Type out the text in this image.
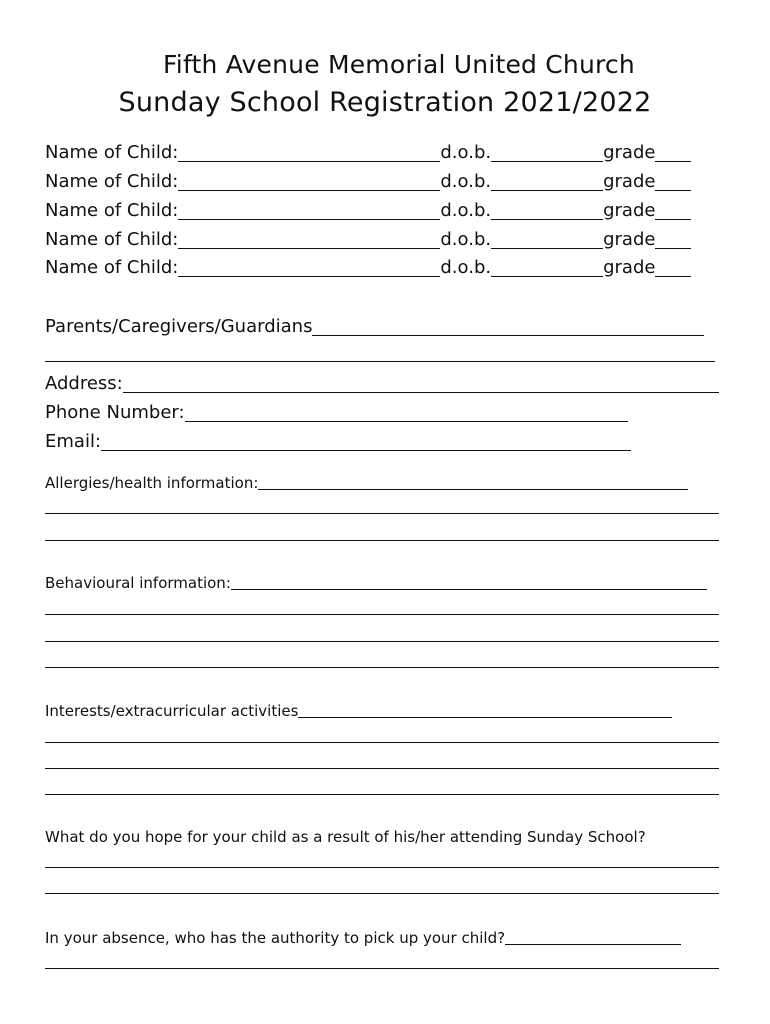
Fifth Avenue Memorial United Church
Sunday School Registration 2021/2022
Name of Child:	d.o.b.	grade
Name of Child:	d.o.b.	grade
Name of Child:	d.o.b.	grade
Name of Child:	d.o.b.	grade
Name of Child:	d.o.b.	grade
Parents/Caregivers/Guardians
Address:
Phone Number:
Email:
Allergies/health information:
Behavioural information:
Interests/extracurricular activities
What do you hope for your child as a result of his/her attending Sunday School?
In your absence, who has the authority to pick up your child?
